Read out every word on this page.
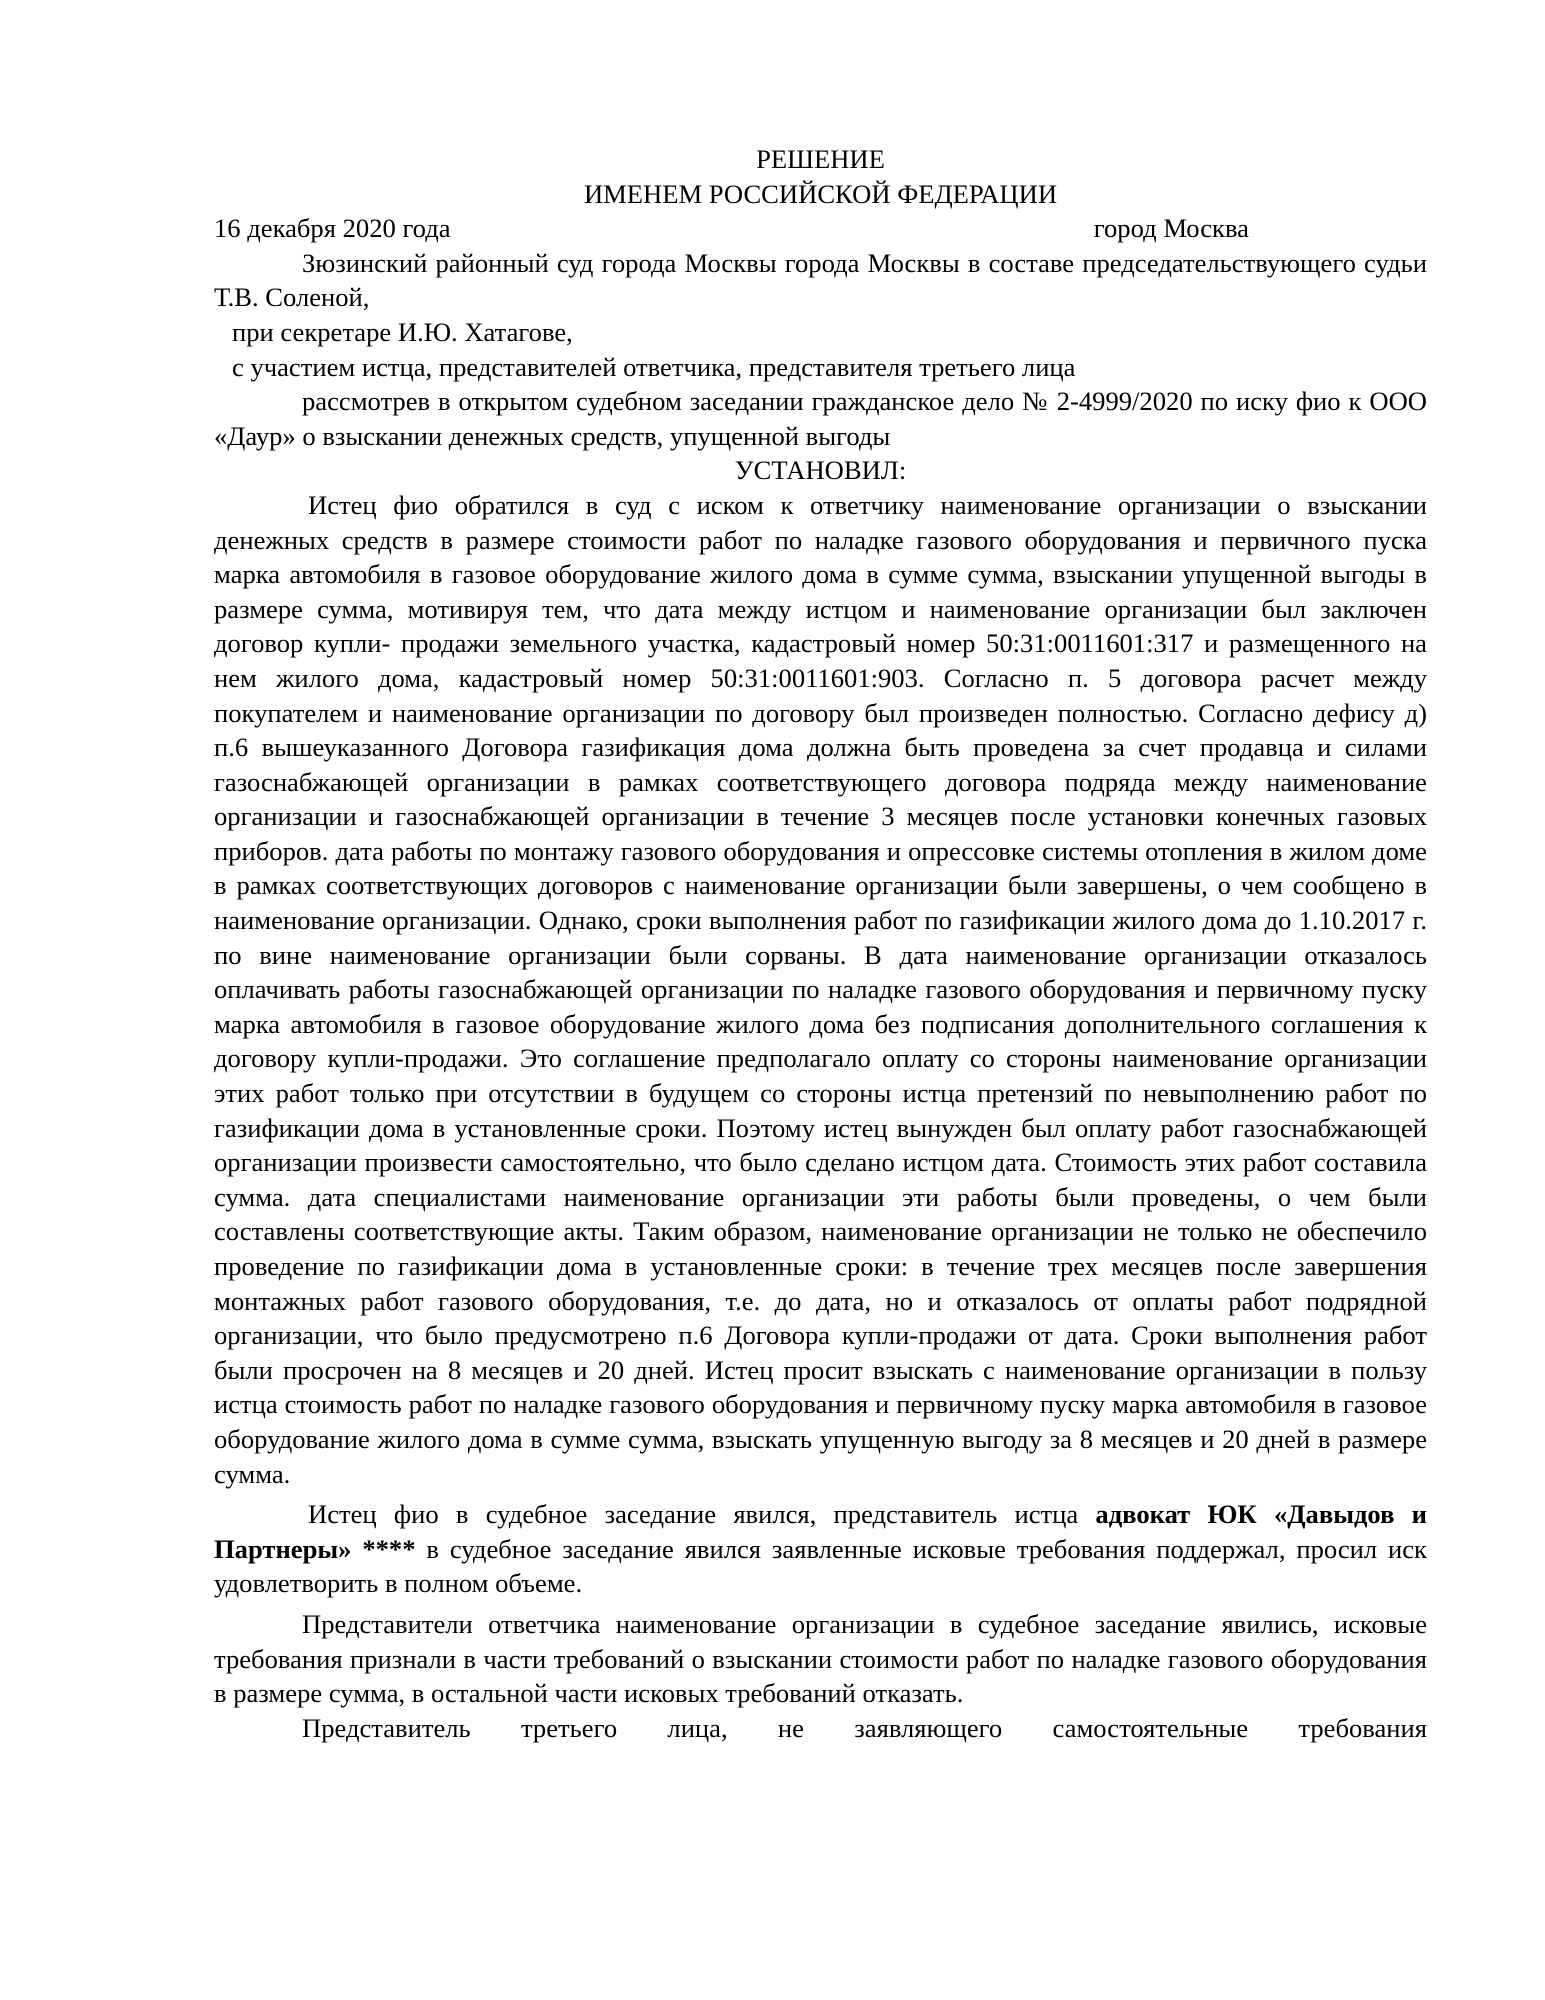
РЕШЕНИЕ

ИМЕНЕМ РОССИЙСКОЙ ФЕДЕРАЦИИ

16 декабря 2020 года	город Москва

Зюзинский районный суд города Москвы города Москвы в составе председательствующего судьи Т.В. Соленой,

при секретаре И.Ю. Хатагове,

с участием истца, представителей ответчика, представителя третьего лица

рассмотрев в открытом судебном заседании гражданское дело № 2-4999/2020 по иску фио к ООО «Даур» о взыскании денежных средств, упущенной выгоды

УСТАНОВИЛ:

Истец фио обратился в суд с иском к ответчику наименование организации о взыскании денежных средств в размере стоимости работ по наладке газового оборудования и первичного пуска марка автомобиля в газовое оборудование жилого дома в сумме сумма, взыскании упущенной выгоды в размере сумма, мотивируя тем, что дата между истцом и наименование организации был заключен договор купли- продажи земельного участка, кадастровый номер 50:31:0011601:317 и размещенного на нем жилого дома, кадастровый номер 50:31:0011601:903. Согласно п. 5 договора расчет между покупателем и наименование организации по договору был произведен полностью. Согласно дефису д) п.6 вышеуказанного Договора газификация дома должна быть проведена за счет продавца и силами газоснабжающей организации в рамках соответствующего договора подряда между наименование организации и газоснабжающей организации в течение 3 месяцев после установки конечных газовых приборов. дата работы по монтажу газового оборудования и опрессовке системы отопления в жилом доме в рамках соответствующих договоров с наименование организации были завершены, о чем сообщено в наименование организации. Однако, сроки выполнения работ по газификации жилого дома до 1.10.2017 г. по вине наименование организации были сорваны. В дата наименование организации отказалось оплачивать работы газоснабжающей организации по наладке газового оборудования и первичному пуску марка автомобиля в газовое оборудование жилого дома без подписания дополнительного соглашения к договору купли-продажи. Это соглашение предполагало оплату со стороны наименование организации этих работ только при отсутствии в будущем со стороны истца претензий по невыполнению работ по газификации дома в установленные сроки. Поэтому истец вынужден был оплату работ газоснабжающей организации произвести самостоятельно, что было сделано истцом дата. Стоимость этих работ составила сумма. дата специалистами наименование организации эти работы были проведены, о чем были составлены соответствующие акты. Таким образом, наименование организации не только не обеспечило проведение по газификации дома в установленные сроки: в течение трех месяцев после завершения монтажных работ газового оборудования, т.е. до дата, но и отказалось от оплаты работ подрядной организации, что было предусмотрено п.6 Договора купли-продажи от дата. Сроки выполнения работ были просрочен на 8 месяцев и 20 дней. Истец просит взыскать с наименование организации в пользу истца стоимость работ по наладке газового оборудования и первичному пуску марка автомобиля в газовое оборудование жилого дома в сумме сумма, взыскать упущенную выгоду за 8 месяцев и 20 дней в размере сумма.

Истец фио в судебное заседание явился, представитель истца адвокат ЮК «Давыдов и Партнеры» **** в судебное заседание явился заявленные исковые требования поддержал, просил иск удовлетворить в полном объеме.

Представители ответчика наименование организации в судебное заседание явились, исковые требования признали в части требований о взыскании стоимости работ по наладке газового оборудования в размере сумма, в остальной части исковых требований отказать.

Представитель третьего лица, не заявляющего самостоятельные требования
